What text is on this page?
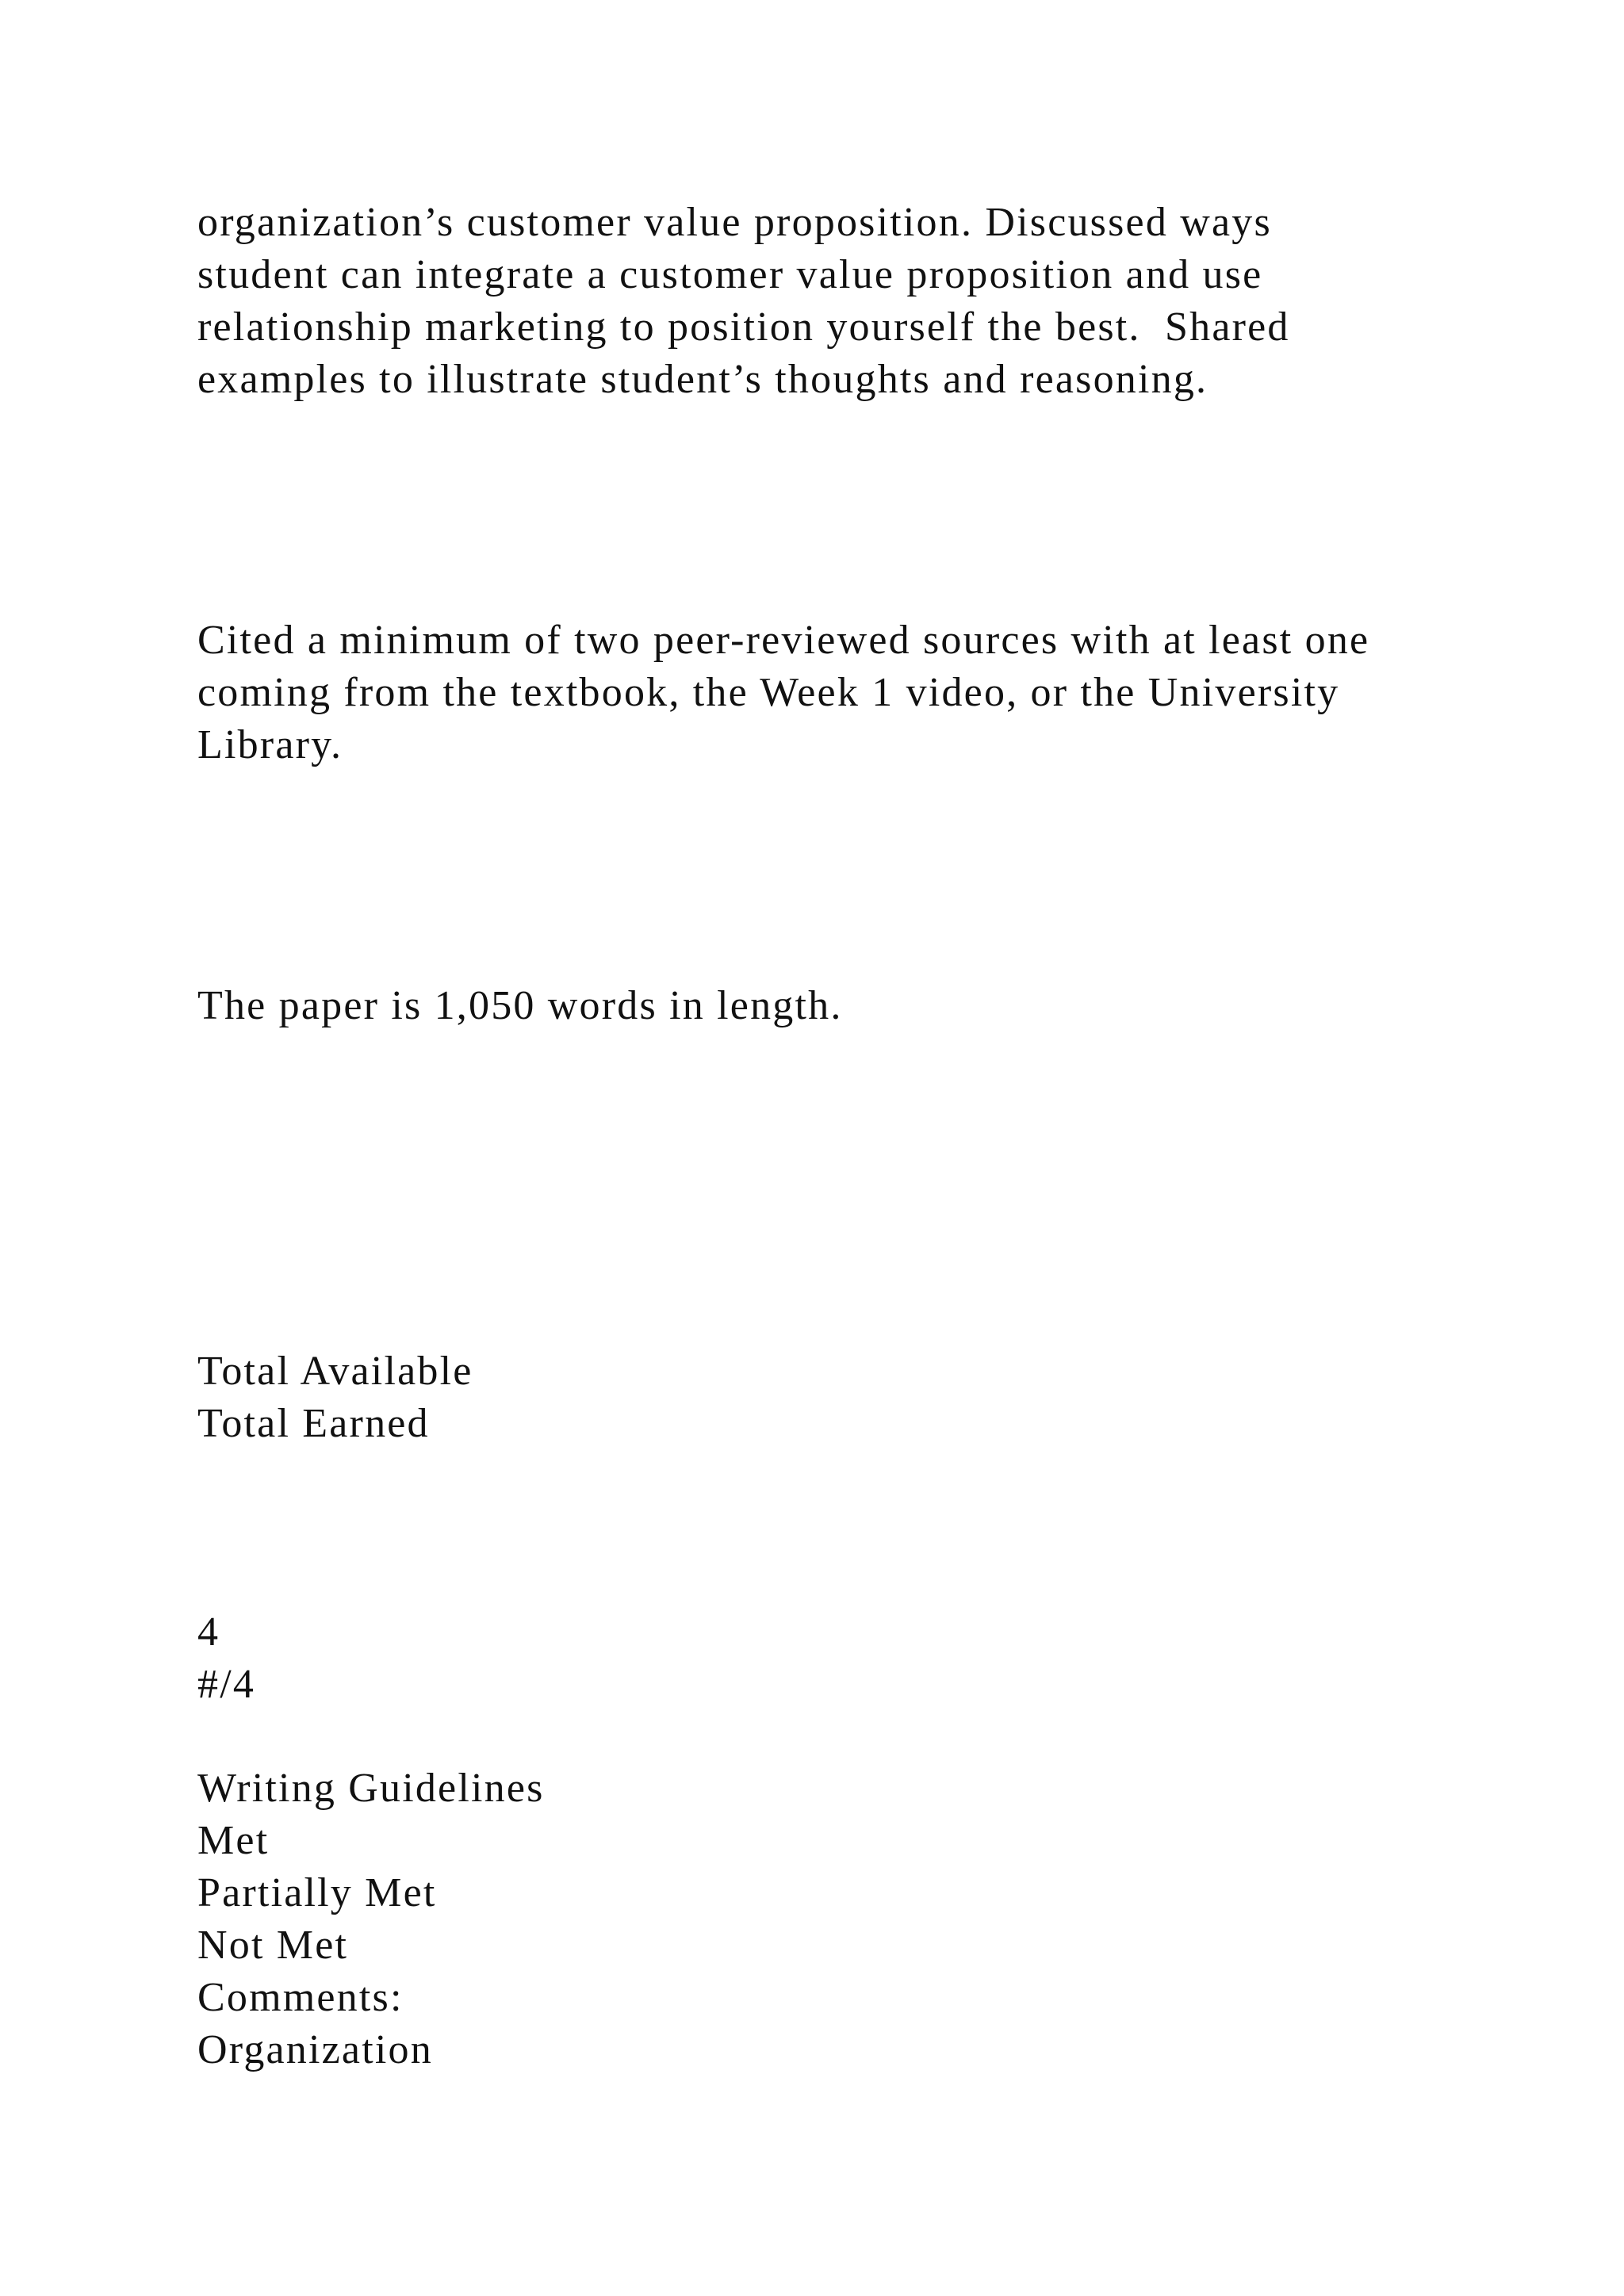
organization’s customer value proposition. Discussed ways
student can integrate a customer value proposition and use
relationship marketing to position yourself the best.  Shared
examples to illustrate student’s thoughts and reasoning.
Cited a minimum of two peer-reviewed sources with at least one
coming from the textbook, the Week 1 video, or the University
Library.
The paper is 1,050 words in length.
Total Available
Total Earned
4
#/4
Writing Guidelines
Met
Partially Met
Not Met
Comments:
Organization
